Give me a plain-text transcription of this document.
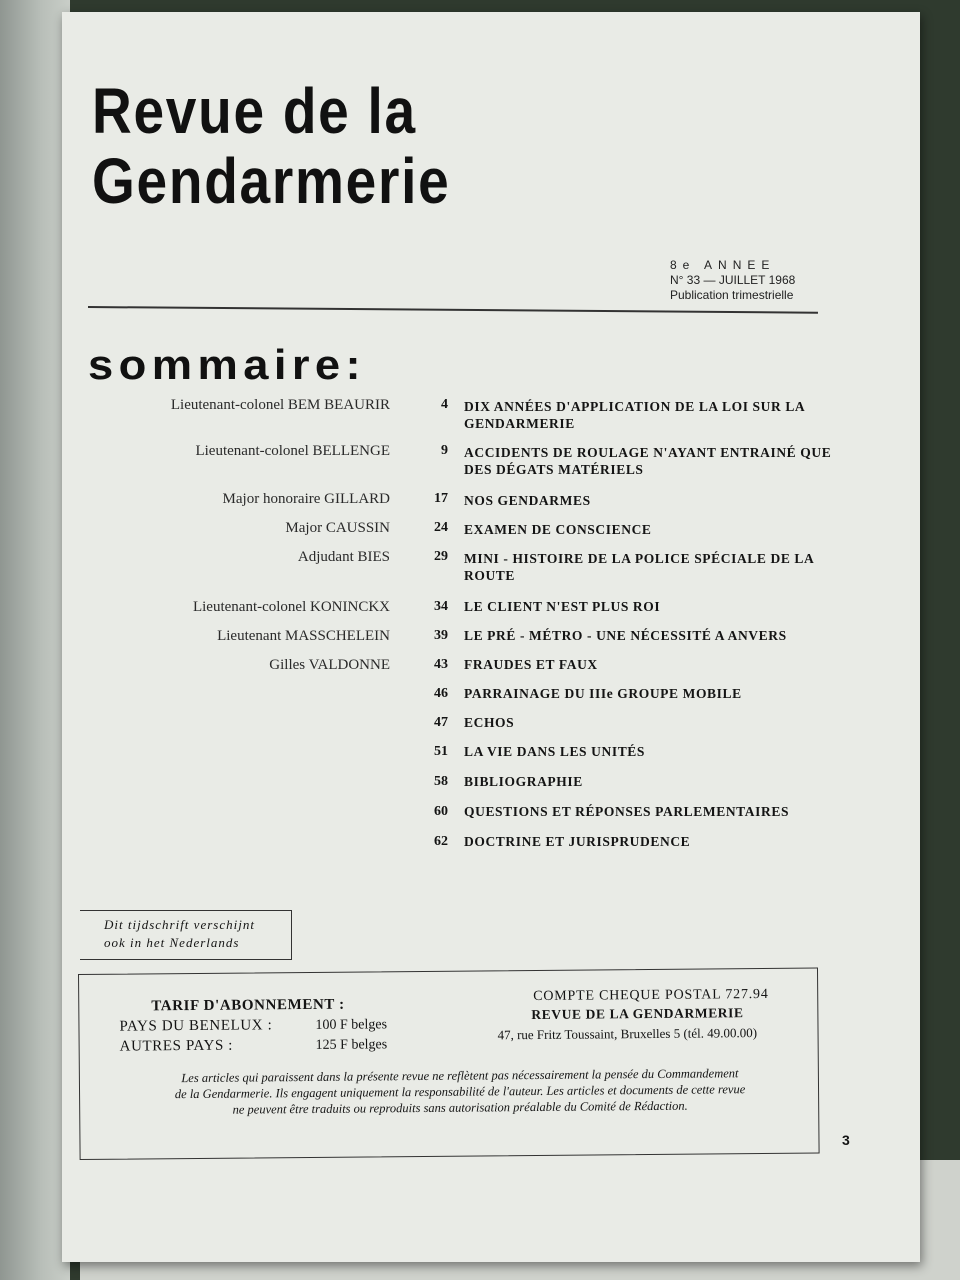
Revue de la
Gendarmerie
8e ANNEE
N° 33 — JUILLET 1968
Publication trimestrielle
sommaire:
Lieutenant-colonel BEM BEAURIR	4 DIX ANNÉES D'APPLICATION DE LA LOI SUR LA GENDARMERIE
Lieutenant-colonel BELLENGE	9 ACCIDENTS DE ROULAGE N'AYANT ENTRAINÉ QUE DES DÉGATS MATÉRIELS
Major honoraire GILLARD	17 NOS GENDARMES
Major CAUSSIN	24 EXAMEN DE CONSCIENCE
Adjudant BIES	29 MINI - HISTOIRE DE LA POLICE SPÉCIALE DE LA ROUTE
Lieutenant-colonel KONINCKX	34 LE CLIENT N'EST PLUS ROI
Lieutenant MASSCHELEIN	39 LE PRÉ - MÉTRO - UNE NÉCESSITÉ A ANVERS
Gilles VALDONNE	43 FRAUDES ET FAUX
46 PARRAINAGE DU IIIe GROUPE MOBILE
47 ECHOS
51 LA VIE DANS LES UNITÉS
58 BIBLIOGRAPHIE
60 QUESTIONS ET RÉPONSES PARLEMENTAIRES
62 DOCTRINE ET JURISPRUDENCE
Dit tijdschrift verschijnt
ook in het Nederlands
TARIF D'ABONNEMENT :
PAYS DU BENELUX :	100 F belges
AUTRES PAYS :	125 F belges
COMPTE CHEQUE POSTAL 727.94
REVUE DE LA GENDARMERIE
47, rue Fritz Toussaint, Bruxelles 5 (tél. 49.00.00)
Les articles qui paraissent dans la présente revue ne reflètent pas nécessairement la pensée du Commandement
de la Gendarmerie. Ils engagent uniquement la responsabilité de l'auteur. Les articles et documents de cette revue
ne peuvent être traduits ou reproduits sans autorisation préalable du Comité de Rédaction.
3
